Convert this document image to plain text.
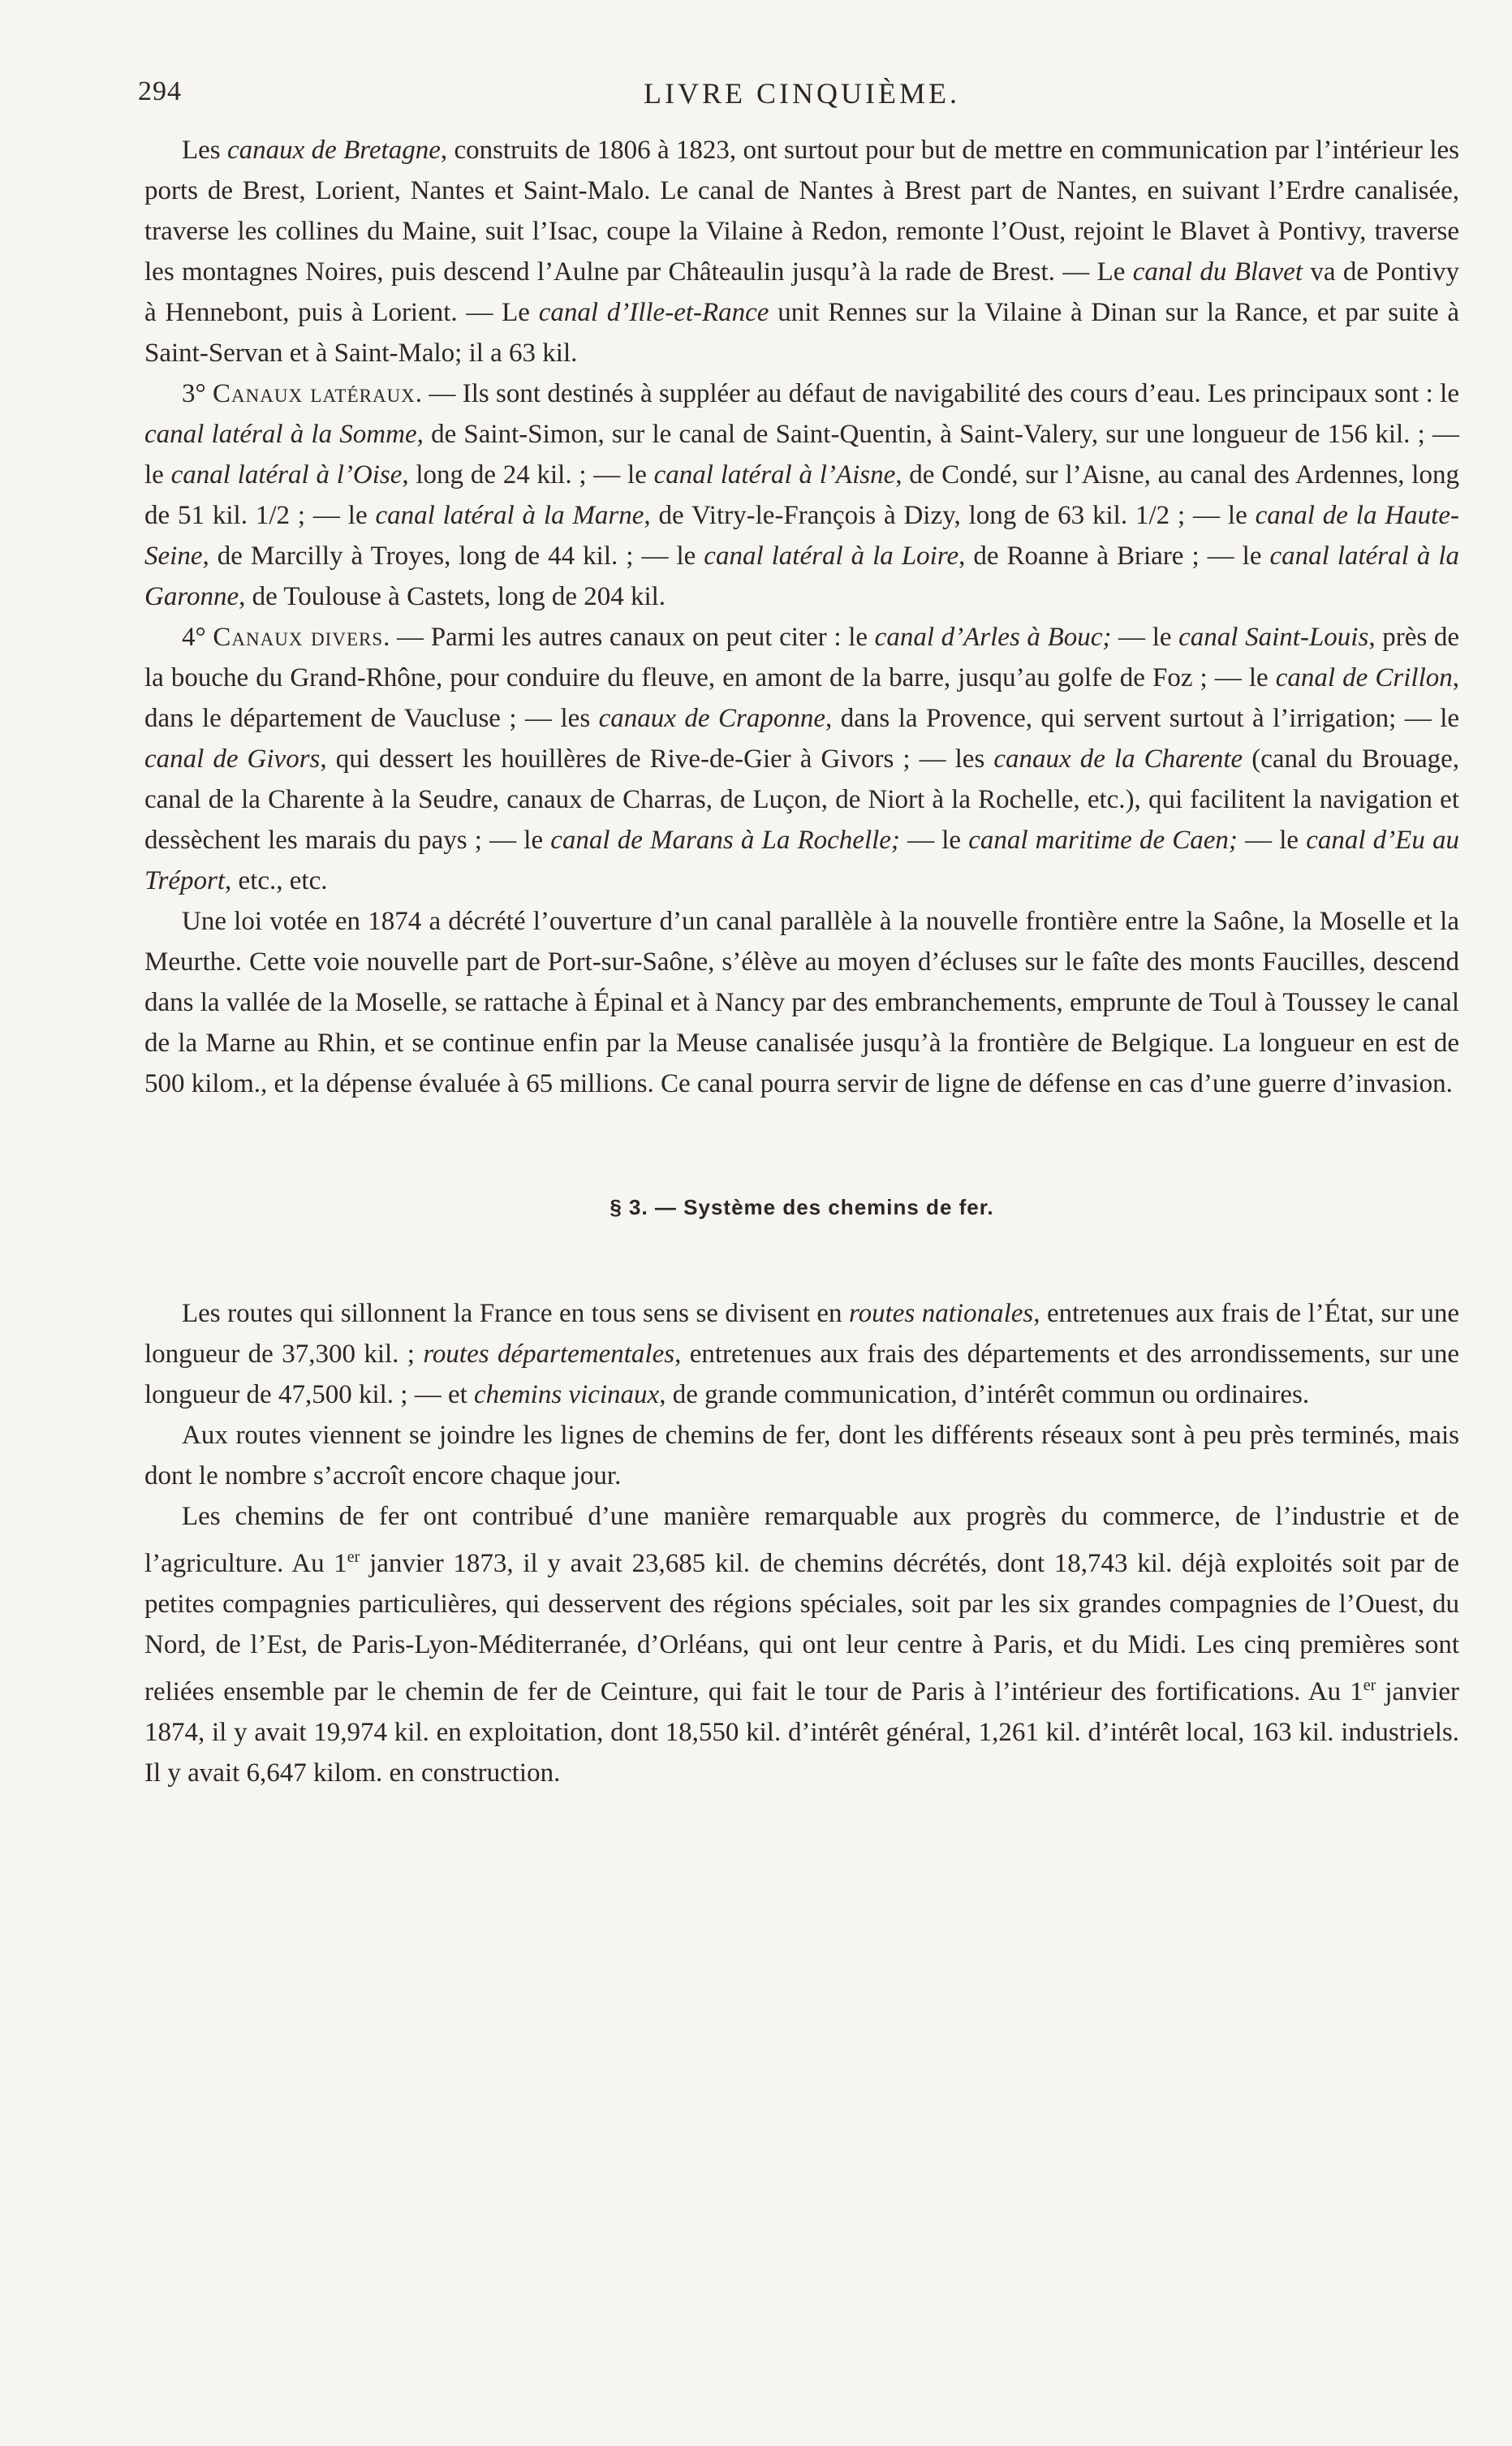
294	LIVRE CINQUIÈME.

Les canaux de Bretagne, construits de 1806 à 1823, ont surtout pour but de mettre en communication par l’intérieur les ports de Brest, Lorient, Nantes et Saint-Malo. Le canal de Nantes à Brest part de Nantes, en suivant l’Erdre canalisée, traverse les collines du Maine, suit l’Isac, coupe la Vilaine à Redon, remonte l’Oust, rejoint le Blavet à Pontivy, traverse les montagnes Noires, puis descend l’Aulne par Châteaulin jusqu’à la rade de Brest. — Le canal du Blavet va de Pontivy à Hennebont, puis à Lorient. — Le canal d’Ille-et-Rance unit Rennes sur la Vilaine à Dinan sur la Rance, et par suite à Saint-Servan et à Saint-Malo; il a 63 kil.

3° Canaux latéraux. — Ils sont destinés à suppléer au défaut de navigabilité des cours d’eau. Les principaux sont : le canal latéral à la Somme, de Saint-Simon, sur le canal de Saint-Quentin, à Saint-Valery, sur une longueur de 156 kil. ; — le canal latéral à l’Oise, long de 24 kil. ; — le canal latéral à l’Aisne, de Condé, sur l’Aisne, au canal des Ardennes, long de 51 kil. 1/2 ; — le canal latéral à la Marne, de Vitry-le-François à Dizy, long de 63 kil. 1/2 ; — le canal de la Haute-Seine, de Marcilly à Troyes, long de 44 kil. ; — le canal latéral à la Loire, de Roanne à Briare ; — le canal latéral à la Garonne, de Toulouse à Castets, long de 204 kil.

4° Canaux divers. — Parmi les autres canaux on peut citer : le canal d’Arles à Bouc; — le canal Saint-Louis, près de la bouche du Grand-Rhône, pour conduire du fleuve, en amont de la barre, jusqu’au golfe de Foz ; — le canal de Crillon, dans le département de Vaucluse ; — les canaux de Craponne, dans la Provence, qui servent surtout à l’irrigation; — le canal de Givors, qui dessert les houillères de Rive-de-Gier à Givors ; — les canaux de la Charente (canal du Brouage, canal de la Charente à la Seudre, canaux de Charras, de Luçon, de Niort à la Rochelle, etc.), qui facilitent la navigation et dessèchent les marais du pays ; — le canal de Marans à La Rochelle; — le canal maritime de Caen; — le canal d’Eu au Tréport, etc., etc.

Une loi votée en 1874 a décrété l’ouverture d’un canal parallèle à la nouvelle frontière entre la Saône, la Moselle et la Meurthe. Cette voie nouvelle part de Port-sur-Saône, s’élève au moyen d’écluses sur le faîte des monts Faucilles, descend dans la vallée de la Moselle, se rattache à Épinal et à Nancy par des embranchements, emprunte de Toul à Toussey le canal de la Marne au Rhin, et se continue enfin par la Meuse canalisée jusqu’à la frontière de Belgique. La longueur en est de 500 kilom., et la dépense évaluée à 65 millions. Ce canal pourra servir de ligne de défense en cas d’une guerre d’invasion.

§ 3. — Système des chemins de fer.

Les routes qui sillonnent la France en tous sens se divisent en routes nationales, entretenues aux frais de l’État, sur une longueur de 37,300 kil. ; routes départementales, entretenues aux frais des départements et des arrondissements, sur une longueur de 47,500 kil. ; — et chemins vicinaux, de grande communication, d’intérêt commun ou ordinaires.

Aux routes viennent se joindre les lignes de chemins de fer, dont les différents réseaux sont à peu près terminés, mais dont le nombre s’accroît encore chaque jour.

Les chemins de fer ont contribué d’une manière remarquable aux progrès du commerce, de l’industrie et de l’agriculture. Au 1er janvier 1873, il y avait 23,685 kil. de chemins décrétés, dont 18,743 kil. déjà exploités soit par de petites compagnies particulières, qui desservent des régions spéciales, soit par les six grandes compagnies de l’Ouest, du Nord, de l’Est, de Paris-Lyon-Méditerranée, d’Orléans, qui ont leur centre à Paris, et du Midi. Les cinq premières sont reliées ensemble par le chemin de fer de Ceinture, qui fait le tour de Paris à l’intérieur des fortifications. Au 1er janvier 1874, il y avait 19,974 kil. en exploitation, dont 18,550 kil. d’intérêt général, 1,261 kil. d’intérêt local, 163 kil. industriels. Il y avait 6,647 kilom. en construction.
